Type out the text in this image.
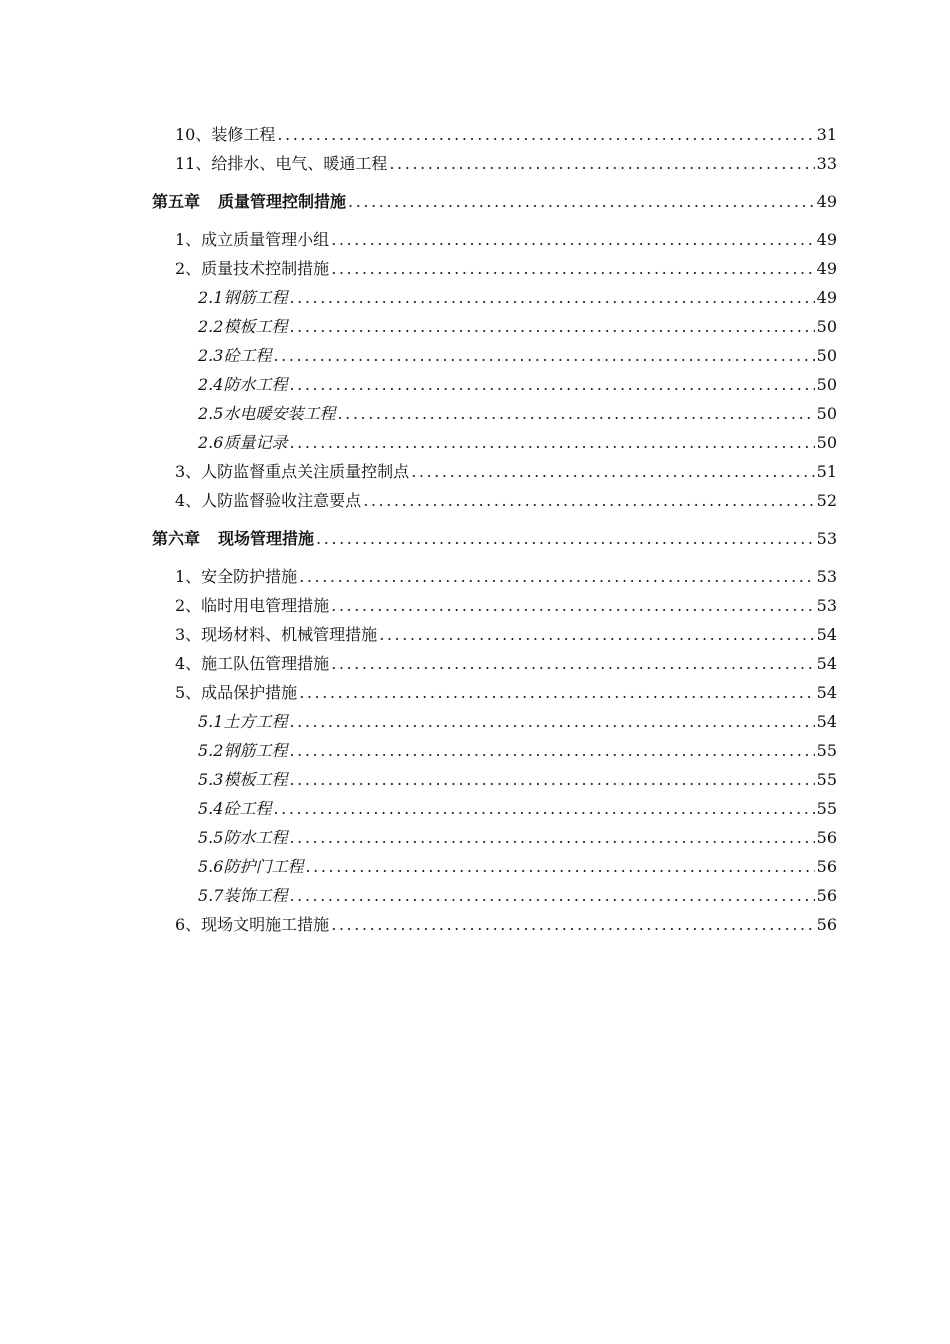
10、装修工程 .....	31
11、给排水、电气、暖通工程 .....	33
第五章 质量管理控制措施 .....	49
1、成立质量管理小组 .....	49
2、质量技术控制措施 .....	49
2.1钢筋工程 .....	49
2.2模板工程 .....	50
2.3砼工程 .....	50
2.4防水工程 .....	50
2.5水电暖安装工程 .....	50
2.6质量记录 .....	50
3、人防监督重点关注质量控制点 .....	51
4、人防监督验收注意要点 .....	52
第六章 现场管理措施 .....	53
1、安全防护措施 .....	53
2、临时用电管理措施 .....	53
3、现场材料、机械管理措施 .....	54
4、施工队伍管理措施 .....	54
5、成品保护措施 .....	54
5.1土方工程 .....	54
5.2钢筋工程 .....	55
5.3模板工程 .....	55
5.4砼工程 .....	55
5.5防水工程 .....	56
5.6防护门工程 .....	56
5.7装饰工程 .....	56
6、现场文明施工措施 .....	56
